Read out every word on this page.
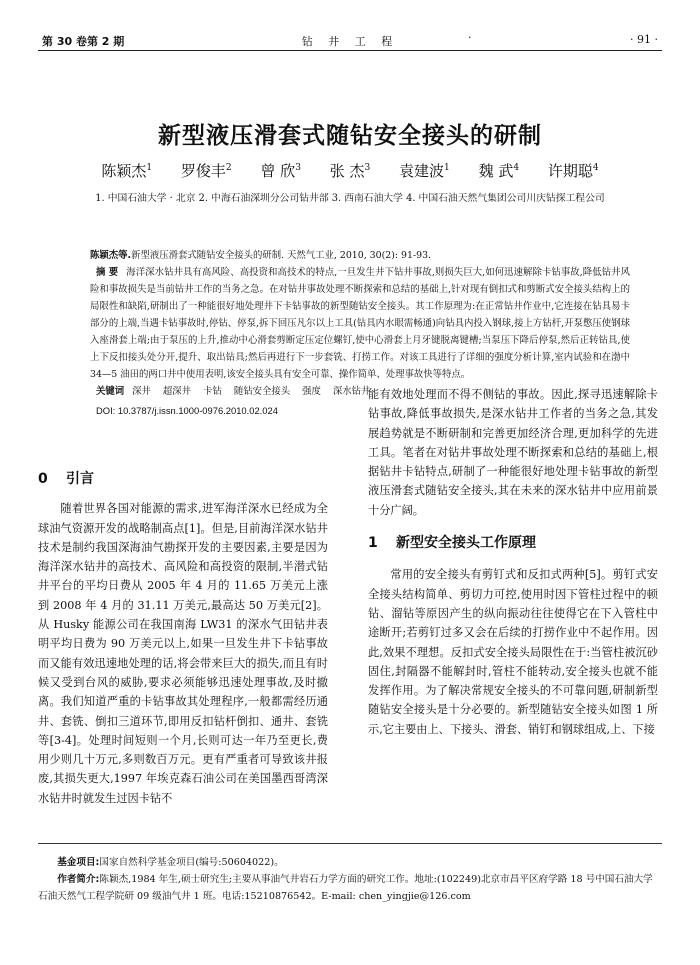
第 30 卷第 2 期	钻 井 工 程	·	· 91 ·
新型液压滑套式随钻安全接头的研制
陈颖杰$^1$ 罗俊丰$^2$ 曾 欣$^3$ 张 杰$^3$ 袁建波$^1$ 魏 武$^4$ 许期聪$^4$
1. 中国石油大学 · 北京 2. 中海石油深圳分公司钻井部 3. 西南石油大学 4. 中国石油天然气集团公司川庆钻探工程公司

陈颖杰等.新型液压滑套式随钻安全接头的研制. 天然气工业, 2010, 30(2): 91-93.

摘 要 海洋深水钻井具有高风险、高投资和高技术的特点,一旦发生井下钻井事故,则损失巨大,如何迅速解除卡钻事故,降低钻井风险和事故损失是当前钻井工作的当务之急。在对钻井事故处理不断探索和总结的基础上,针对现有倒扣式和剪断式安全接头结构上的局限性和缺陷,研制出了一种能很好地处理井下卡钻事故的新型随钻安全接头。其工作原理为:在正常钻井作业中,它连接在钻具易卡部分的上端,当遇卡钻事故时,停钻、停泵,拆下回压凡尔以上工具(钻具内水眼需畅通)向钻具内投入钢球,接上方钻杆,开泵憋压使钢球入座滑套上端;由于泵压的上升,推动中心滑套剪断定压定位螺钉,使中心滑套上月牙键脱离键槽;当泵压下降后停泵,然后正转钻具,使上下反扣接头处分开,提升、取出钻具;然后再进行下一步套铣、打捞工作。对该工具进行了详细的强度分析计算,室内试验和在渤中 34—5 油田的两口井中使用表明,该安全接头具有安全可靠、操作简单、处理事故快等特点。

关键词 深井 超深井 卡钻 随钻安全接头 强度 深水钻井

DOI: 10.3787/j.issn.1000-0976.2010.02.024

0 引言

随着世界各国对能源的需求,进军海洋深水已经成为全球油气资源开发的战略制高点[1]。但是,目前海洋深水钻井技术是制约我国深海油气勘探开发的主要因素,主要是因为海洋深水钻井的高技术、高风险和高投资的限制,半潜式钻井平台的平均日费从 2005 年 4 月的 11.65 万美元上涨到 2008 年 4 月的 31.11 万美元,最高达 50 万美元[2]。从 Husky 能源公司在我国南海 LW31 的深水气田钻井表明平均日费为 90 万美元以上,如果一旦发生井下卡钻事故而又能有效迅速地处理的话,将会带来巨大的损失,而且有时候又受到台风的威胁,要求必须能够迅速处理事故,及时撤离。我们知道严重的卡钻事故其处理程序,一般都需经历通井、套铣、倒扣三道环节,即用反扣钻杆倒扣、通井、套铣等[3-4]。处理时间短则一个月,长则可达一年乃至更长,费用少则几十万元,多则数百万元。更有严重者可导致该井报废,其损失更大,1997 年埃克森石油公司在美国墨西哥湾深水钻井时就发生过因卡钻不

能有效地处理而不得不侧钻的事故。因此,探寻迅速解除卡钻事故,降低事故损失,是深水钻井工作者的当务之急,其发展趋势就是不断研制和完善更加经济合理,更加科学的先进工具。笔者在对钻井事故处理不断探索和总结的基础上,根据钻井卡钻特点,研制了一种能很好地处理卡钻事故的新型液压滑套式随钻安全接头,其在未来的深水钻井中应用前景十分广阔。

1 新型安全接头工作原理

常用的安全接头有剪钉式和反扣式两种[5]。剪钉式安全接头结构简单、剪切力可控,使用时因下管柱过程中的顿钻、溜钻等原因产生的纵向振动往往使得它在下入管柱中途断开;若剪钉过多又会在后续的打捞作业中不起作用。因此,效果不理想。反扣式安全接头局限性在于:当管柱被沉砂固住,封隔器不能解封时,管柱不能转动,安全接头也就不能发挥作用。为了解决常规安全接头的不可靠问题,研制新型随钻安全接头是十分必要的。新型随钻安全接头如图 1 所示,它主要由上、下接头、滑套、销钉和钢球组成,上、下接

基金项目:国家自然科学基金项目(编号:50604022)。

作者简介:陈颖杰,1984 年生,硕士研究生;主要从事油气井岩石力学方面的研究工作。地址:(102249)北京市昌平区府学路 18 号中国石油大学石油天然气工程学院研 09 级油气井 1 班。电话:15210876542。E-mail: chen_yingjie@126.com
